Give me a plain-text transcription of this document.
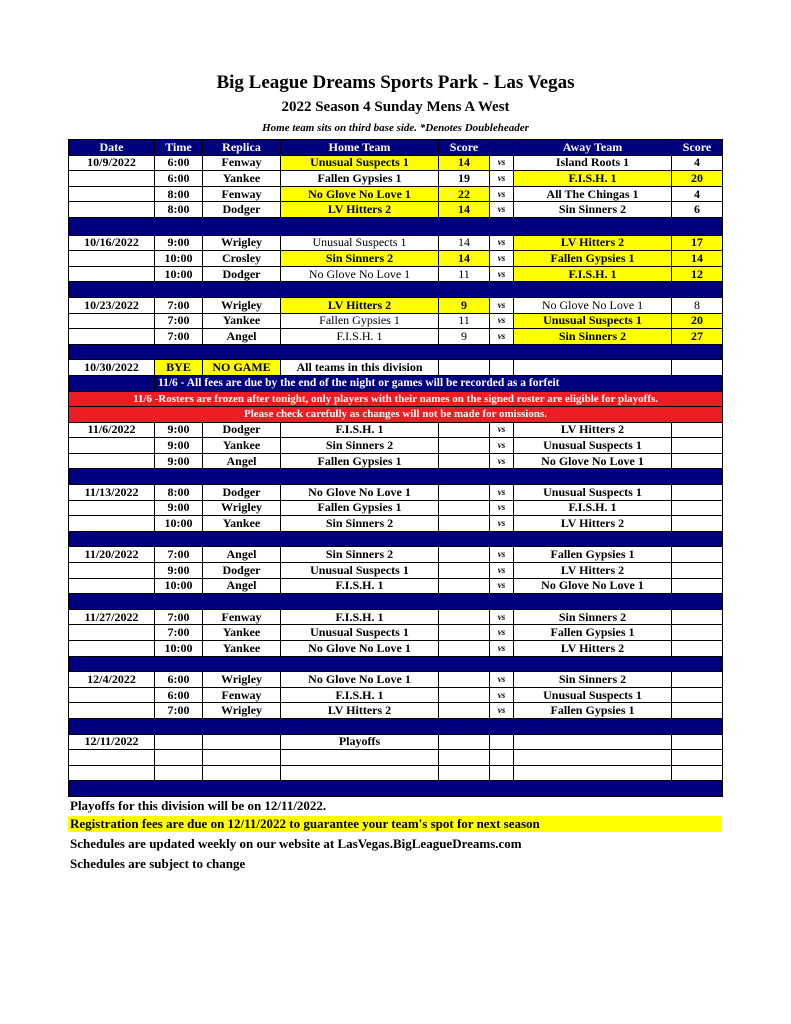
Big League Dreams Sports Park - Las Vegas
2022 Season 4 Sunday Mens A West
Home team sits on third base side. *Denotes Doubleheader
Date	Time	Replica	Home Team	Score		Away Team	Score
10/9/2022	6:00	Fenway	Unusual Suspects 1	14	vs	Island Roots 1	4
	6:00	Yankee	Fallen Gypsies 1	19	vs	F.I.S.H. 1	20
	8:00	Fenway	No Glove No Love 1	22	vs	All The Chingas 1	4
	8:00	Dodger	LV Hitters 2	14	vs	Sin Sinners 2	6

10/16/2022	9:00	Wrigley	Unusual Suspects 1	14	vs	LV Hitters 2	17
	10:00	Crosley	Sin Sinners 2	14	vs	Fallen Gypsies 1	14
	10:00	Dodger	No Glove No Love 1	11	vs	F.I.S.H. 1	12

10/23/2022	7:00	Wrigley	LV Hitters 2	9	vs	No Glove No Love 1	8
	7:00	Yankee	Fallen Gypsies 1	11	vs	Unusual Suspects 1	20
	7:00	Angel	F.I.S.H. 1	9	vs	Sin Sinners 2	27

10/30/2022	BYE	NO GAME	All teams in this division				
	11/6 - All fees are due by the end of the night or games will be recorded as a forfeit						
11/6 -Rosters are frozen after tonight, only players with their names on the signed roster are eligible for playoffs.							
Please check carefully as changes will not be made for omissions.							
11/6/2022	9:00	Dodger	F.I.S.H. 1		vs	LV Hitters 2	
	9:00	Yankee	Sin Sinners 2		vs	Unusual Suspects 1	
	9:00	Angel	Fallen Gypsies 1		vs	No Glove No Love 1	

11/13/2022	8:00	Dodger	No Glove No Love 1		vs	Unusual Suspects 1	
	9:00	Wrigley	Fallen Gypsies 1		vs	F.I.S.H. 1	
	10:00	Yankee	Sin Sinners 2		vs	LV Hitters 2	

11/20/2022	7:00	Angel	Sin Sinners 2		vs	Fallen Gypsies 1	
	9:00	Dodger	Unusual Suspects 1		vs	LV Hitters 2	
	10:00	Angel	F.I.S.H. 1		vs	No Glove No Love 1	

11/27/2022	7:00	Fenway	F.I.S.H. 1		vs	Sin Sinners 2	
	7:00	Yankee	Unusual Suspects 1		vs	Fallen Gypsies 1	
	10:00	Yankee	No Glove No Love 1		vs	LV Hitters 2	

12/4/2022	6:00	Wrigley	No Glove No Love 1		vs	Sin Sinners 2	
	6:00	Fenway	F.I.S.H. 1		vs	Unusual Suspects 1	
	7:00	Wrigley	LV Hitters 2		vs	Fallen Gypsies 1	

12/11/2022			Playoffs				

Playoffs for this division will be on 12/11/2022.
Registration fees are due on 12/11/2022 to guarantee your team's spot for next season
Schedules are updated weekly on our website at LasVegas.BigLeagueDreams.com
Schedules are subject to change
